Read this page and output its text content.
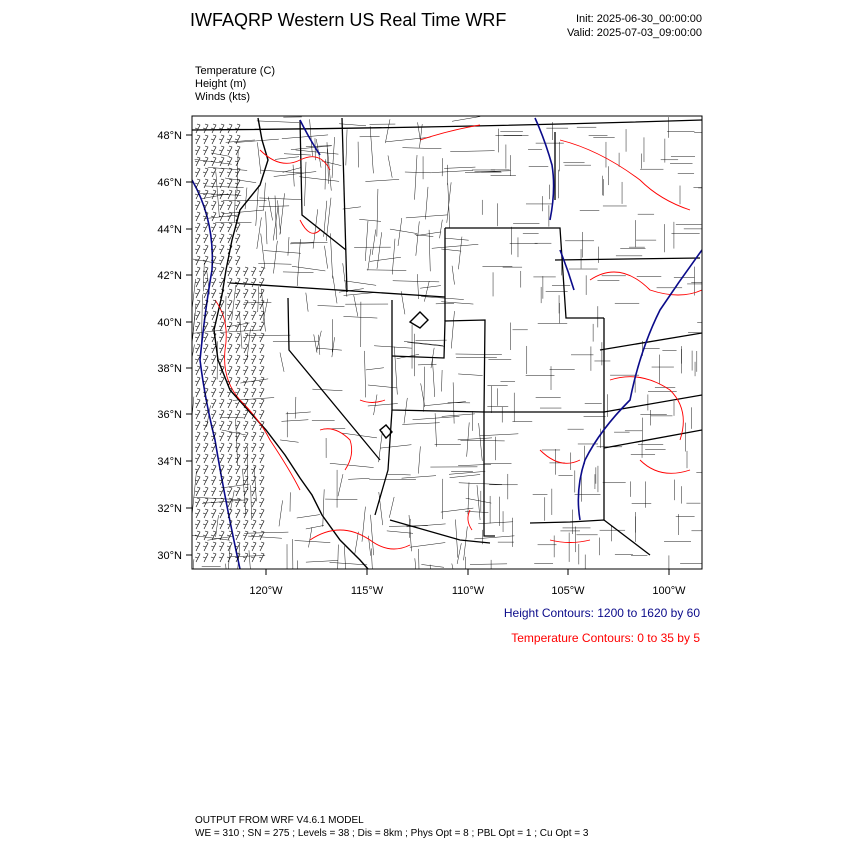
IWFAQRP Western US Real Time WRF	Init: 2025-06-30_00:00:00
Valid: 2025-07-03_09:00:00
Temperature (C)
Height (m)
Winds (kts)
48°N
46°N
44°N
42°N
40°N
38°N
36°N
34°N
32°N
30°N
120°W	115°W	110°W	105°W	100°W
Height Contours: 1200 to 1620 by 60
Temperature Contours: 0 to 35 by 5
OUTPUT FROM WRF V4.6.1 MODEL
WE = 310 ; SN = 275 ; Levels = 38 ; Dis = 8km ; Phys Opt = 8 ; PBL Opt = 1 ; Cu Opt = 3
